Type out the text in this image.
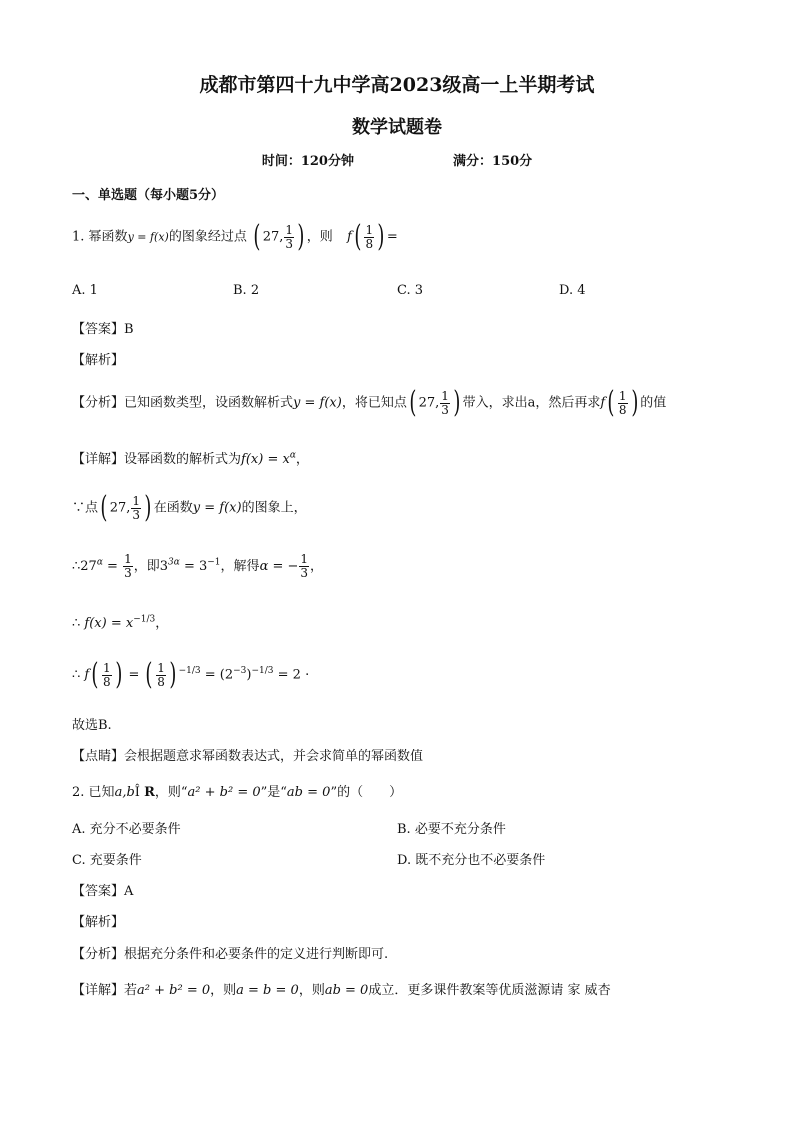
成都市第四十九中学高2023级高一上半期考试
数学试题卷
时间：120分钟	满分：150分
一、单选题（每小题5分）
1. 幂函数y = f(x)的图象经过点 ( 27, $\frac{1}{3}$ ) ，则 $f( \frac{1}{8}$ ) =
A. 1	B. 2	C. 3	D. 4
【答案】B
【解析】
【分析】已知函数类型，设函数解析式y = f(x)，将已知点( 27, $\frac{1}{3}$ ) 带入，求出a，然后再求$f( \frac{1}{8}$ ) 的值
【详解】设幂函数的解析式为$f(x) = x^\alpha$，
∵点( 27, $\frac{1}{3}$ ) 在函数y = f(x)的图象上，
$\therefore 27^\alpha = \frac{1}{3}$ ，即$3^{3\alpha} = 3^{-1}$，解得α = − $\frac{1}{3}$ ，
∴ $f(x) = x^{-1/3}$，
∴ $f( \frac{1}{8}$ ) = ( $\frac{1}{8}$ ) $^{-1/3} = (2^{-3})^{-1/3} = 2$ ·
故选B.
【点睛】会根据题意求幂函数表达式，并会求简单的幂函数值
2. 已知a,bÎ R，则“a² + b² = 0”是“ab = 0”的（　　）
A. 充分不必要条件	B. 必要不充分条件
C. 充要条件	D. 既不充分也不必要条件
【答案】A
【解析】
【分析】根据充分条件和必要条件的定义进行判断即可.
【详解】若a² + b² = 0，则a = b = 0，则ab = 0成立．更多课件教案等优质滋源请 家 威杏
